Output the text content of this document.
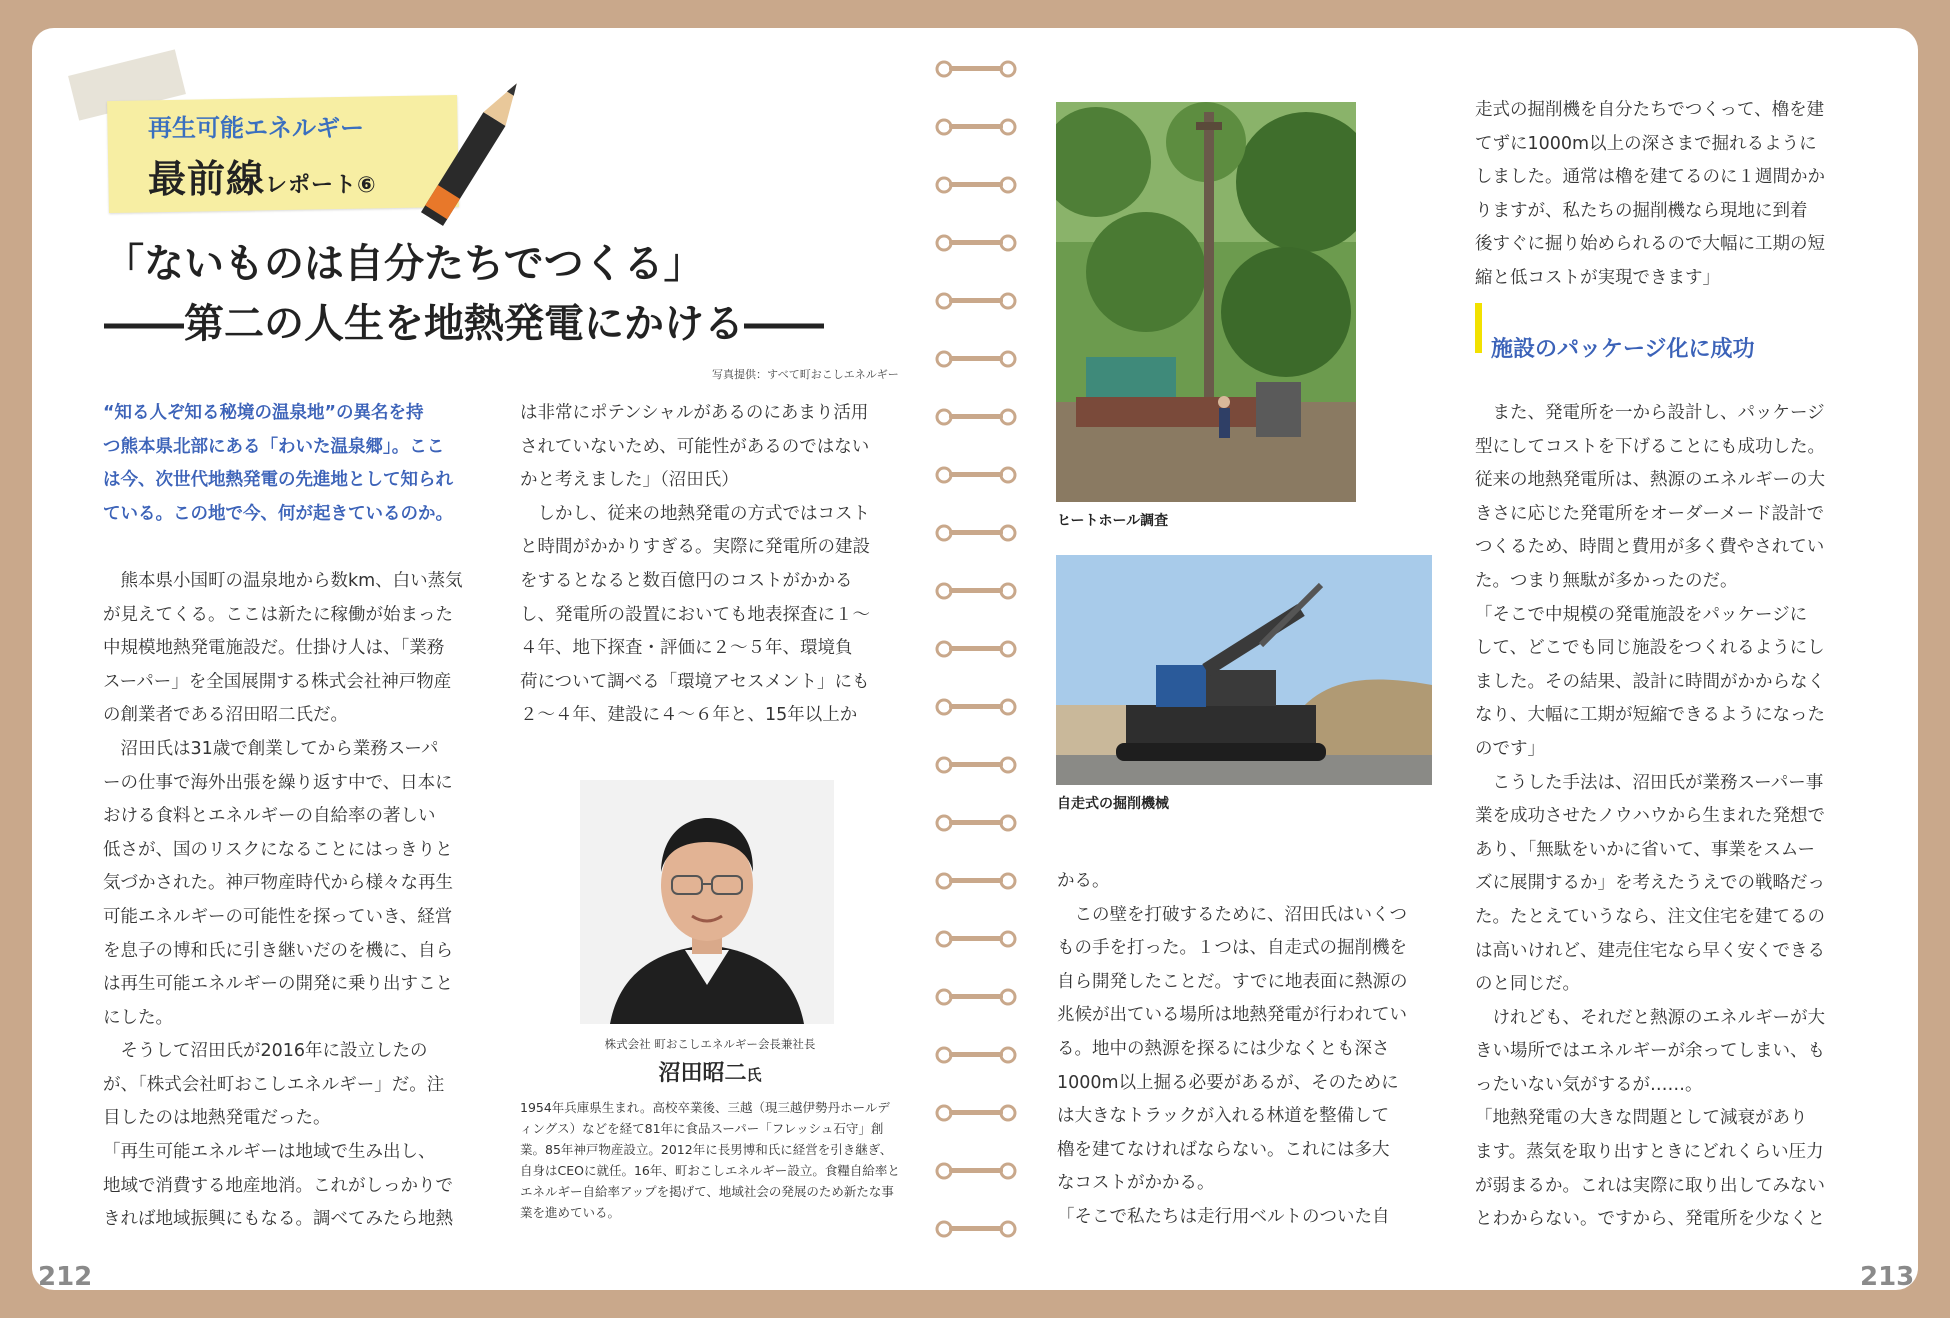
再生可能エネルギー
最前線レポート⑥
「ないものは自分たちでつくる」
――第二の人生を地熱発電にかける――
写真提供：すべて町おこしエネルギー

“知る人ぞ知る秘境の温泉地”の異名を持

つ熊本県北部にある「わいた温泉郷」。ここ

は今、次世代地熱発電の先進地として知られ

ている。この地で今、何が起きているのか。

　熊本県小国町の温泉地から数km、白い蒸気

が見えてくる。ここは新たに稼働が始まった

中規模地熱発電施設だ。仕掛け人は、「業務

スーパー」を全国展開する株式会社神戸物産

の創業者である沼田昭二氏だ。

　沼田氏は31歳で創業してから業務スーパ

ーの仕事で海外出張を繰り返す中で、日本に

おける食料とエネルギーの自給率の著しい

低さが、国のリスクになることにはっきりと

気づかされた。神戸物産時代から様々な再生

可能エネルギーの可能性を探っていき、経営

を息子の博和氏に引き継いだのを機に、自ら

は再生可能エネルギーの開発に乗り出すこと

にした。

　そうして沼田氏が2016年に設立したの

が、「株式会社町おこしエネルギー」だ。注

目したのは地熱発電だった。

「再生可能エネルギーは地域で生み出し、

地域で消費する地産地消。これがしっかりで

きれば地域振興にもなる。調べてみたら地熱

は非常にポテンシャルがあるのにあまり活用

されていないため、可能性があるのではない

かと考えました」（沼田氏）

　しかし、従来の地熱発電の方式ではコスト

と時間がかかりすぎる。実際に発電所の建設

をするとなると数百億円のコストがかかる

し、発電所の設置においても地表探査に１～

４年、地下探査・評価に２～５年、環境負

荷について調べる「環境アセスメント」にも

２～４年、建設に４～６年と、15年以上か

株式会社 町おこしエネルギー会長兼社長
沼田昭二氏
1954年兵庫県生まれ。高校卒業後、三越（現三越伊勢丹ホールディングス）などを経て81年に食品スーパー「フレッシュ石守」創業。85年神戸物産設立。2012年に長男博和氏に経営を引き継ぎ、自身はCEOに就任。16年、町おこしエネルギー設立。食糧自給率とエネルギー自給率アップを掲げて、地域社会の発展のため新たな事業を進めている。
ヒートホール調査
自走式の掘削機械

かる。

　この壁を打破するために、沼田氏はいくつ

もの手を打った。１つは、自走式の掘削機を

自ら開発したことだ。すでに地表面に熱源の

兆候が出ている場所は地熱発電が行われてい

る。地中の熱源を探るには少なくとも深さ

1000m以上掘る必要があるが、そのために

は大きなトラックが入れる林道を整備して

櫓を建てなければならない。これには多大

なコストがかかる。

「そこで私たちは走行用ベルトのついた自

走式の掘削機を自分たちでつくって、櫓を建

てずに1000m以上の深さまで掘れるように

しました。通常は櫓を建てるのに１週間かか

りますが、私たちの掘削機なら現地に到着

後すぐに掘り始められるので大幅に工期の短

縮と低コストが実現できます」

施設のパッケージ化に成功

　また、発電所を一から設計し、パッケージ

型にしてコストを下げることにも成功した。

従来の地熱発電所は、熱源のエネルギーの大

きさに応じた発電所をオーダーメード設計で

つくるため、時間と費用が多く費やされてい

た。つまり無駄が多かったのだ。

「そこで中規模の発電施設をパッケージに

して、どこでも同じ施設をつくれるようにし

ました。その結果、設計に時間がかからなく

なり、大幅に工期が短縮できるようになった

のです」

　こうした手法は、沼田氏が業務スーパー事

業を成功させたノウハウから生まれた発想で

あり、「無駄をいかに省いて、事業をスムー

ズに展開するか」を考えたうえでの戦略だっ

た。たとえていうなら、注文住宅を建てるの

は高いけれど、建売住宅なら早く安くできる

のと同じだ。

　けれども、それだと熱源のエネルギーが大

きい場所ではエネルギーが余ってしまい、も

ったいない気がするが……。

「地熱発電の大きな問題として減衰があり

ます。蒸気を取り出すときにどれくらい圧力

が弱まるか。これは実際に取り出してみない

とわからない。ですから、発電所を少なくと

212	213
